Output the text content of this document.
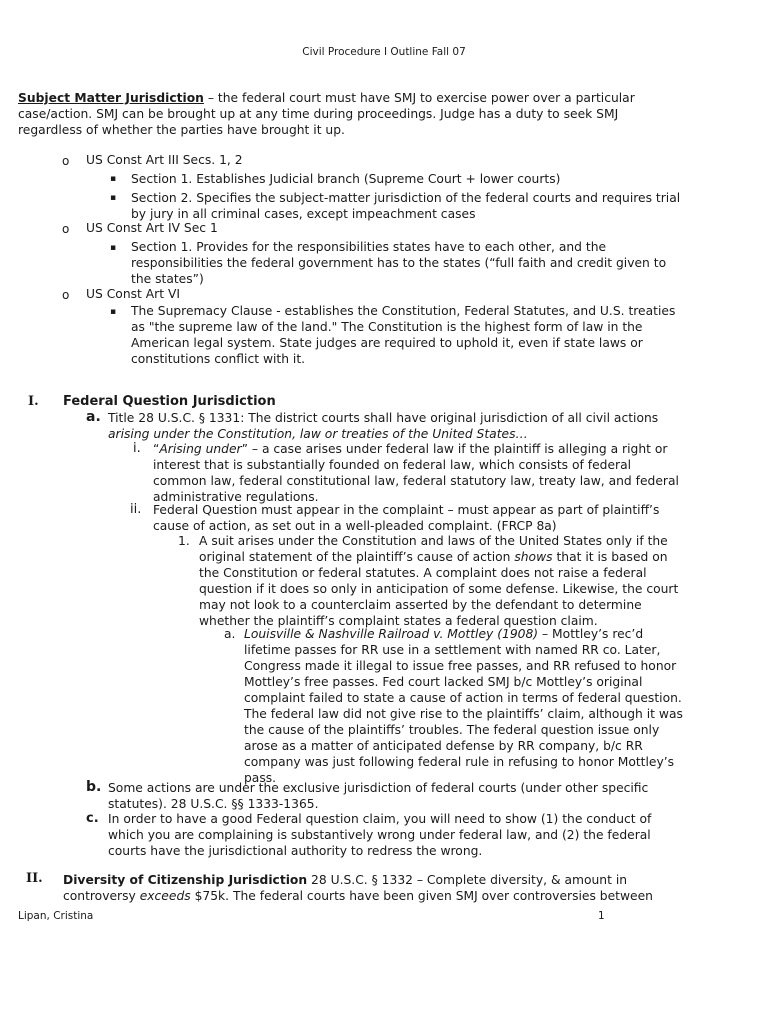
Civil Procedure I Outline Fall 07
Subject Matter Jurisdiction – the federal court must have SMJ to exercise power over a particular
case/action. SMJ can be brought up at any time during proceedings. Judge has a duty to seek SMJ
regardless of whether the parties have brought it up.
o US Const Art III Secs. 1, 2
▪ Section 1. Establishes Judicial branch (Supreme Court + lower courts)
▪ Section 2. Specifies the subject-matter jurisdiction of the federal courts and requires trial
by jury in all criminal cases, except impeachment cases
o US Const Art IV Sec 1
▪ Section 1. Provides for the responsibilities states have to each other, and the
responsibilities the federal government has to the states (“full faith and credit given to
the states”)
o US Const Art VI
▪ The Supremacy Clause - establishes the Constitution, Federal Statutes, and U.S. treaties
as "the supreme law of the land." The Constitution is the highest form of law in the
American legal system. State judges are required to uphold it, even if state laws or
constitutions conflict with it.
I. Federal Question Jurisdiction
a. Title 28 U.S.C. § 1331: The district courts shall have original jurisdiction of all civil actions
arising under the Constitution, law or treaties of the United States…
i. “Arising under” – a case arises under federal law if the plaintiff is alleging a right or
interest that is substantially founded on federal law, which consists of federal
common law, federal constitutional law, federal statutory law, treaty law, and federal
administrative regulations.
ii. Federal Question must appear in the complaint – must appear as part of plaintiff’s
cause of action, as set out in a well-pleaded complaint. (FRCP 8a)
1. A suit arises under the Constitution and laws of the United States only if the
original statement of the plaintiff’s cause of action shows that it is based on
the Constitution or federal statutes. A complaint does not raise a federal
question if it does so only in anticipation of some defense. Likewise, the court
may not look to a counterclaim asserted by the defendant to determine
whether the plaintiff’s complaint states a federal question claim.
a. Louisville & Nashville Railroad v. Mottley (1908) – Mottley’s rec’d
lifetime passes for RR use in a settlement with named RR co. Later,
Congress made it illegal to issue free passes, and RR refused to honor
Mottley’s free passes. Fed court lacked SMJ b/c Mottley’s original
complaint failed to state a cause of action in terms of federal question.
The federal law did not give rise to the plaintiffs’ claim, although it was
the cause of the plaintiffs’ troubles. The federal question issue only
arose as a matter of anticipated defense by RR company, b/c RR
company was just following federal rule in refusing to honor Mottley’s
pass.
b. Some actions are under the exclusive jurisdiction of federal courts (under other specific
statutes). 28 U.S.C. §§ 1333-1365.
c. In order to have a good Federal question claim, you will need to show (1) the conduct of
which you are complaining is substantively wrong under federal law, and (2) the federal
courts have the jurisdictional authority to redress the wrong.
II. Diversity of Citizenship Jurisdiction 28 U.S.C. § 1332 – Complete diversity, & amount in
controversy exceeds $75k. The federal courts have been given SMJ over controversies between
Lipan, Cristina	1
